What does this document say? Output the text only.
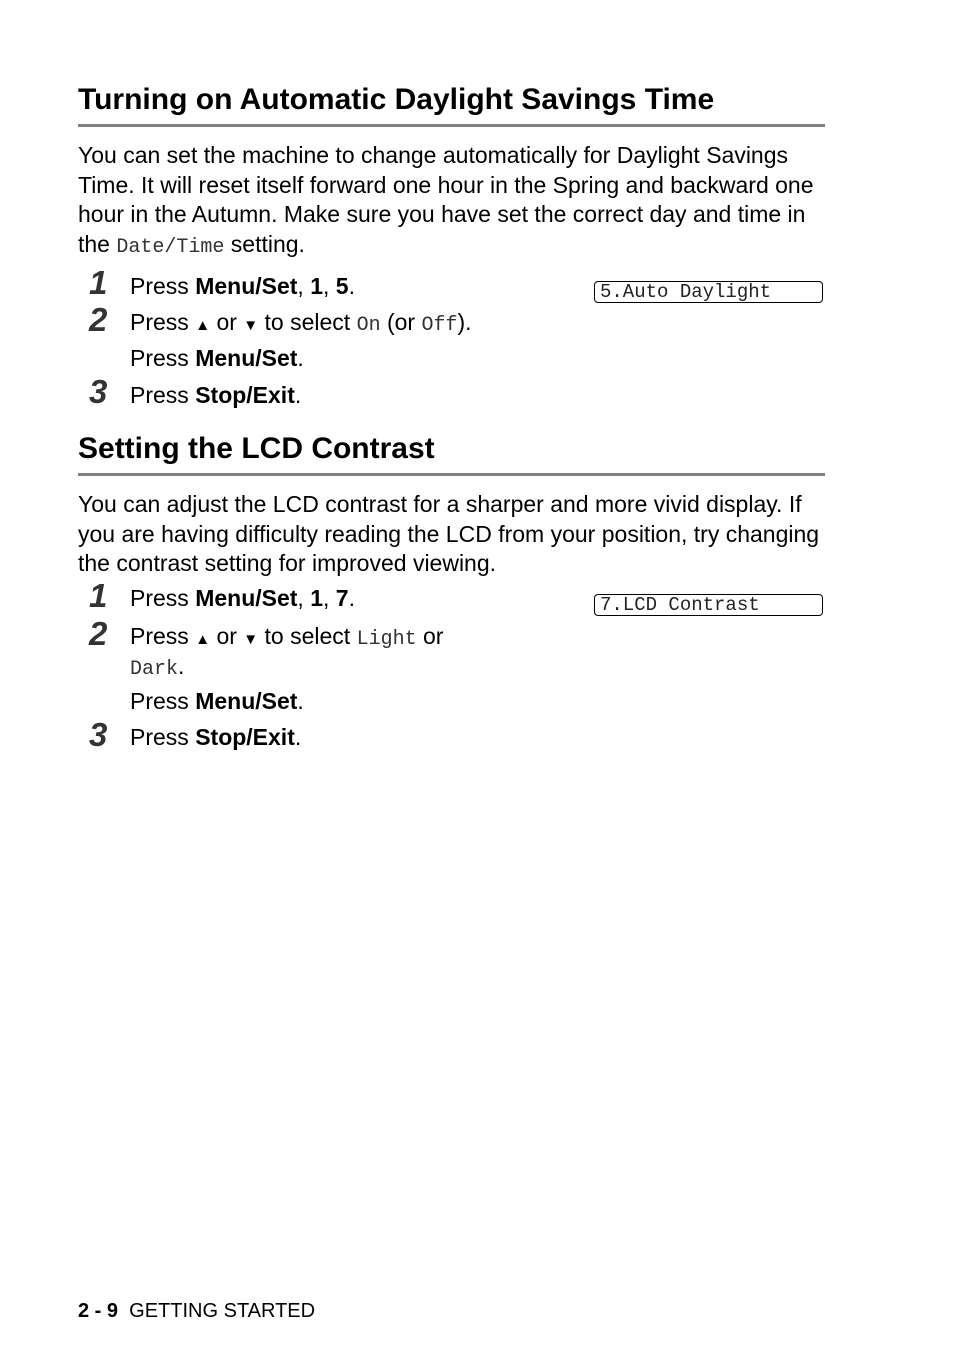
Turning on Automatic Daylight Savings Time

You can set the machine to change automatically for Daylight Savings Time. It will reset itself forward one hour in the Spring and backward one hour in the Autumn. Make sure you have set the correct day and time in the Date/Time setting.

5.Auto Daylight
1 Press Menu/Set, 1, 5.
2 Press ▲ or ▼ to select On (or Off).
Press Menu/Set.
3 Press Stop/Exit.
Setting the LCD Contrast

You can adjust the LCD contrast for a sharper and more vivid display. If you are having difficulty reading the LCD from your position, try changing the contrast setting for improved viewing.

7.LCD Contrast
1 Press Menu/Set, 1, 7.
2 Press ▲ or ▼ to select Light or
Dark.
Press Menu/Set.
3 Press Stop/Exit.
2 - 9 GETTING STARTED
